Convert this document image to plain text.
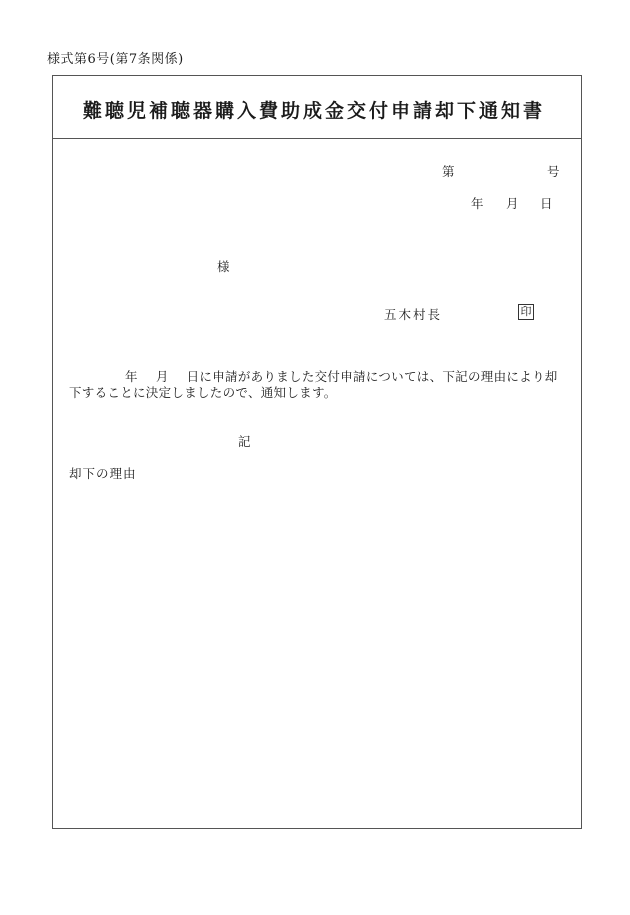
様式第6号(第7条関係)
難聴児補聴器購入費助成金交付申請却下通知書
第	号
年 月 日
様
五木村長	印
年 月 日に申請がありました交付申請については、下記の理由により却下することに決定しましたので、通知します。
記
却下の理由
